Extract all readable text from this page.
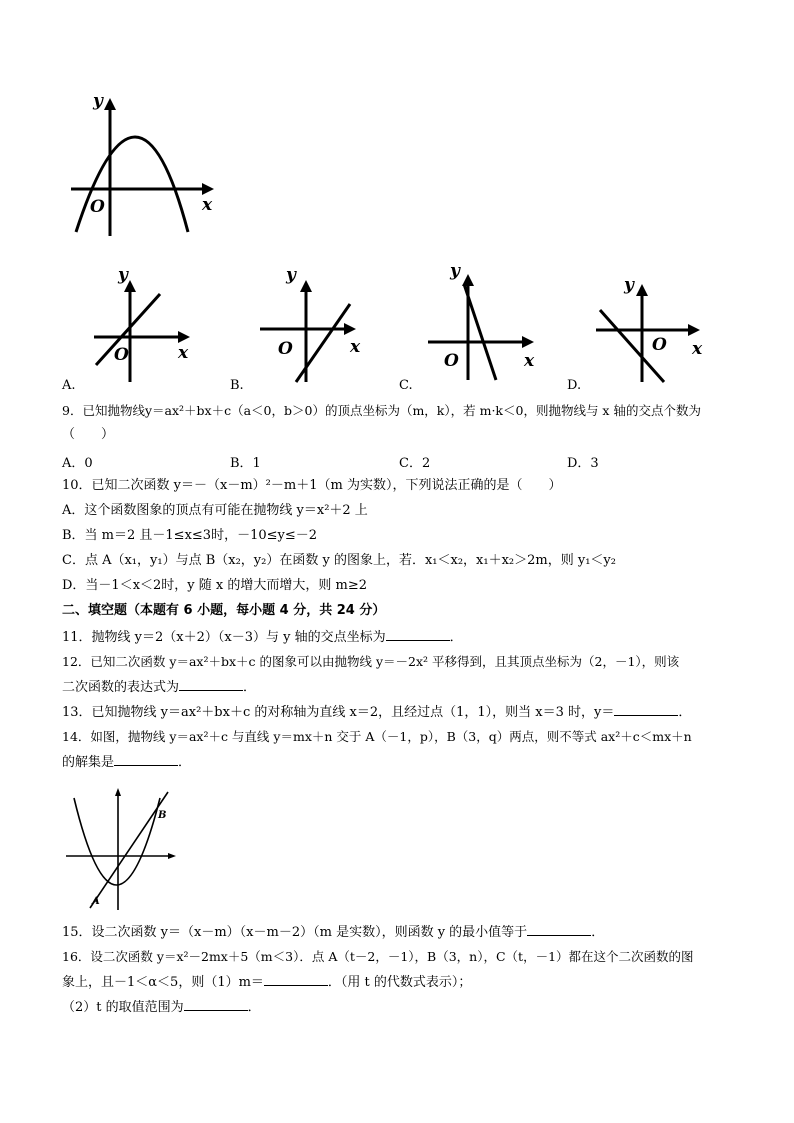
y
x
O
y
x
O
y
x
O
y
x
O
y
x
O
A.	B.	C.	D.
9．已知抛物线y＝ax²＋bx＋c（a＜0，b＞0）的顶点坐标为（m，k），若 m·k＜0，则抛物线与 x 轴的交点个数为
（　　）
A．0	B．1	C．2	D．3
10．已知二次函数 y＝－（x－m）²－m＋1（m 为实数），下列说法正确的是（　　）
A．这个函数图象的顶点有可能在抛物线 y＝x²＋2 上
B．当 m＝2 且－1≤x≤3时，－10≤y≤－2
C．点 A（x₁，y₁）与点 B（x₂，y₂）在函数 y 的图象上，若．x₁＜x₂，x₁＋x₂＞2m，则 y₁＜y₂
D．当－1＜x＜2时，y 随 x 的增大而增大，则 m≥2
二、填空题（本题有 6 小题，每小题 4 分，共 24 分）
11．抛物线 y＝2（x＋2）（x－3）与 y 轴的交点坐标为	．
12．已知二次函数 y＝ax²＋bx＋c 的图象可以由抛物线 y＝－2x² 平移得到，且其顶点坐标为（2，－1），则该
二次函数的表达式为	．
13．已知抛物线 y＝ax²＋bx＋c 的对称轴为直线 x＝2，且经过点（1，1），则当 x＝3 时，y＝	．
14．如图，抛物线 y＝ax²＋c 与直线 y＝mx＋n 交于 A（－1，p），B（3，q）两点，则不等式 ax²＋c＜mx＋n
的解集是	．
B
A
15．设二次函数 y＝（x－m）（x－m－2）（m 是实数），则函数 y 的最小值等于	．
16．设二次函数 y＝x²－2mx＋5（m＜3）．点 A（t－2，－1），B（3，n），C（t，－1）都在这个二次函数的图
象上，且－1＜α＜5，则（1）m＝	．（用 t 的代数式表示）；
（2）t 的取值范围为	．
